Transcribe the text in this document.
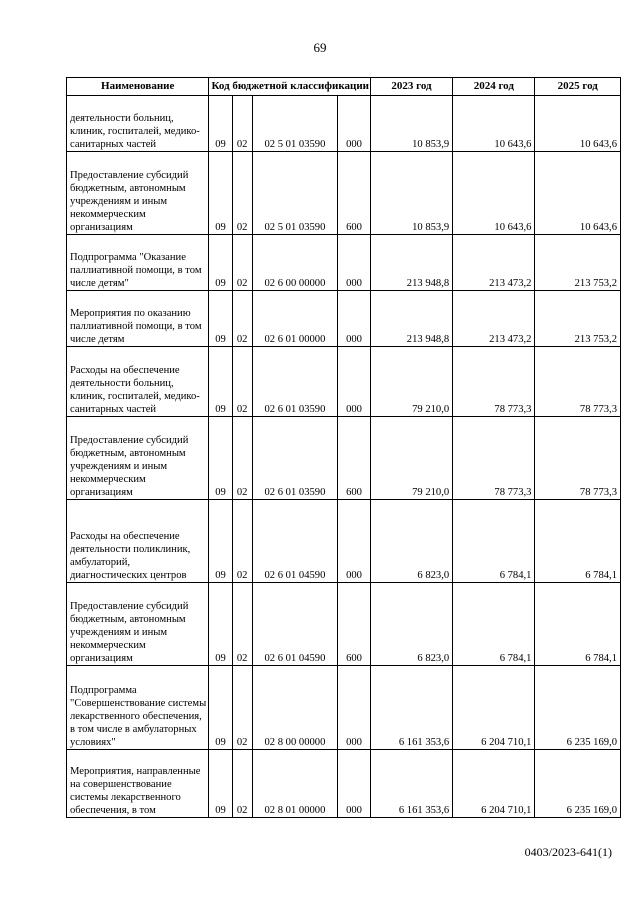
69
Наименование	Код бюджетной классификации				2023 год	2024 год	2025 год
деятельности больниц, клиник, госпиталей, медико-санитарных частей	09	02	02 5 01 03590	000	10 853,9	10 643,6	10 643,6
Предоставление субсидий бюджетным, автономным учреждениям и иным некоммерческим организациям	09	02	02 5 01 03590	600	10 853,9	10 643,6	10 643,6
Подпрограмма "Оказание паллиативной помощи, в том числе детям"	09	02	02 6 00 00000	000	213 948,8	213 473,2	213 753,2
Мероприятия по оказанию паллиативной помощи, в том числе детям	09	02	02 6 01 00000	000	213 948,8	213 473,2	213 753,2
Расходы на обеспечение деятельности больниц, клиник, госпиталей, медико-санитарных частей	09	02	02 6 01 03590	000	79 210,0	78 773,3	78 773,3
Предоставление субсидий бюджетным, автономным учреждениям и иным некоммерческим организациям	09	02	02 6 01 03590	600	79 210,0	78 773,3	78 773,3
Расходы на обеспечение деятельности поликлиник, амбулаторий, диагностических центров	09	02	02 6 01 04590	000	6 823,0	6 784,1	6 784,1
Предоставление субсидий бюджетным, автономным учреждениям и иным некоммерческим организациям	09	02	02 6 01 04590	600	6 823,0	6 784,1	6 784,1
Подпрограмма "Совершенствование системы лекарственного обеспечения, в том числе в амбулаторных условиях"	09	02	02 8 00 00000	000	6 161 353,6	6 204 710,1	6 235 169,0
Мероприятия, направленные на совершенствование системы лекарственного обеспечения, в том	09	02	02 8 01 00000	000	6 161 353,6	6 204 710,1	6 235 169,0
0403/2023-641(1)
